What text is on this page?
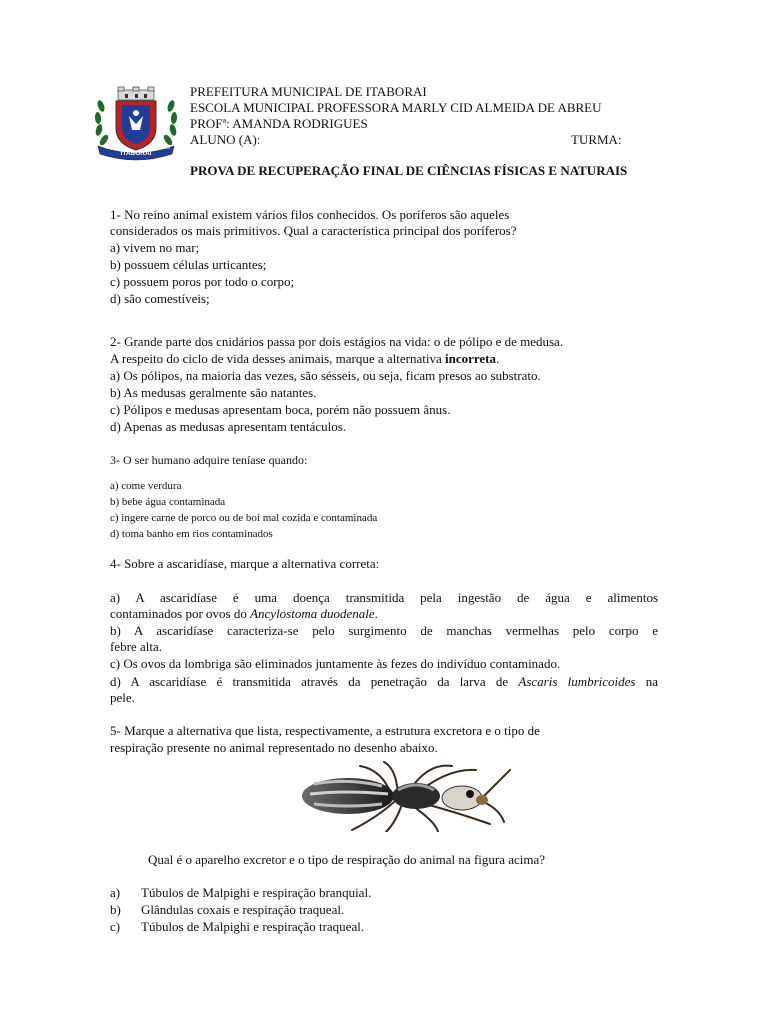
ITABORAÍ
VIDA	1833
PREFEITURA MUNICIPAL DE ITABORAI
ESCOLA MUNICIPAL PROFESSORA MARLY CID ALMEIDA DE ABREU
PROFª: AMANDA RODRIGUES
ALUNO (A):	TURMA:
PROVA DE RECUPERAÇÃO FINAL DE CIÊNCIAS FÍSICAS E NATURAIS
1- No reino animal existem vários filos conhecidos. Os poríferos são aqueles
considerados os mais primitivos. Qual a característica principal dos poríferos?
a) vivem no mar;
b) possuem células urticantes;
c) possuem poros por todo o corpo;
d) são comestíveis;
2- Grande parte dos cnidários passa por dois estágios na vida: o de pólipo e de medusa.
A respeito do ciclo de vida desses animais, marque a alternativa incorreta.
a) Os pólipos, na maioria das vezes, são sésseis, ou seja, ficam presos ao substrato.
b) As medusas geralmente são natantes.
c) Pólipos e medusas apresentam boca, porém não possuem ânus.
d) Apenas as medusas apresentam tentáculos.
3- O ser humano adquire teníase quando:
a) come verdura
b) bebe água contaminada
c) ingere carne de porco ou de boi mal cozida e contaminada
d) toma banho em rios contaminados
4- Sobre a ascaridíase, marque a alternativa correta:
a) A ascaridíase é uma doença transmitida pela ingestão de água e alimentos
contaminados por ovos do Ancylostoma duodenale.
b) A ascaridíase caracteriza-se pelo surgimento de manchas vermelhas pelo corpo e
febre alta.
c) Os ovos da lombriga são eliminados juntamente às fezes do indivíduo contaminado.
d) A ascaridíase é transmitida através da penetração da larva de Ascaris lumbricoides na
pele.
5- Marque a alternativa que lista, respectivamente, a estrutura excretora e o tipo de
respiração presente no animal representado no desenho abaixo.
Qual é o aparelho excretor e o tipo de respiração do animal na figura acima?
a) Túbulos de Malpighi e respiração branquial.
b) Glândulas coxais e respiração traqueal.
c) Túbulos de Malpighi e respiração traqueal.
